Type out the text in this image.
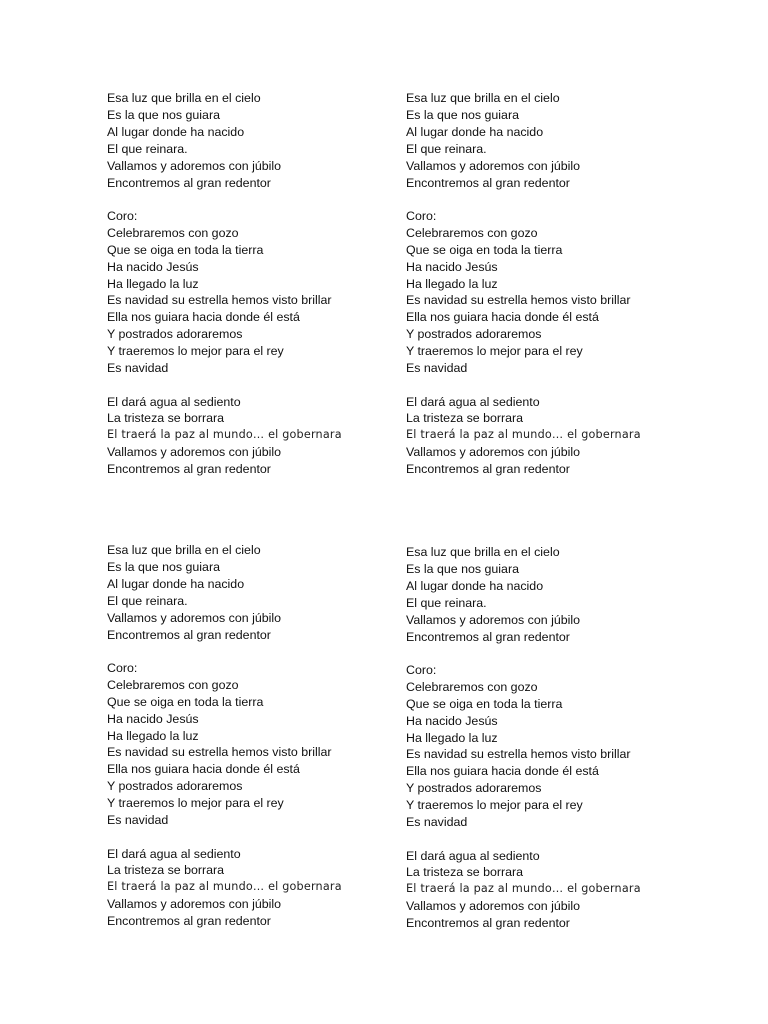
Esa luz que brilla en el cielo
Es la que nos guiara
Al lugar donde ha nacido
El que reinara.
Vallamos y adoremos con júbilo
Encontremos al gran redentor
Coro:
Celebraremos con gozo
Que se oiga en toda la tierra
Ha nacido Jesús
Ha llegado la luz
Es navidad su estrella hemos visto brillar
Ella nos guiara hacia donde él está
Y postrados adoraremos
Y traeremos lo mejor para el rey
Es navidad
El dará agua al sediento
La tristeza se borrara
El traerá la paz al mundo… el gobernara
Vallamos y adoremos con júbilo
Encontremos al gran redentor
Esa luz que brilla en el cielo
Es la que nos guiara
Al lugar donde ha nacido
El que reinara.
Vallamos y adoremos con júbilo
Encontremos al gran redentor
Coro:
Celebraremos con gozo
Que se oiga en toda la tierra
Ha nacido Jesús
Ha llegado la luz
Es navidad su estrella hemos visto brillar
Ella nos guiara hacia donde él está
Y postrados adoraremos
Y traeremos lo mejor para el rey
Es navidad
El dará agua al sediento
La tristeza se borrara
El traerá la paz al mundo… el gobernara
Vallamos y adoremos con júbilo
Encontremos al gran redentor
Esa luz que brilla en el cielo
Es la que nos guiara
Al lugar donde ha nacido
El que reinara.
Vallamos y adoremos con júbilo
Encontremos al gran redentor
Coro:
Celebraremos con gozo
Que se oiga en toda la tierra
Ha nacido Jesús
Ha llegado la luz
Es navidad su estrella hemos visto brillar
Ella nos guiara hacia donde él está
Y postrados adoraremos
Y traeremos lo mejor para el rey
Es navidad
El dará agua al sediento
La tristeza se borrara
El traerá la paz al mundo… el gobernara
Vallamos y adoremos con júbilo
Encontremos al gran redentor
Esa luz que brilla en el cielo
Es la que nos guiara
Al lugar donde ha nacido
El que reinara.
Vallamos y adoremos con júbilo
Encontremos al gran redentor
Coro:
Celebraremos con gozo
Que se oiga en toda la tierra
Ha nacido Jesús
Ha llegado la luz
Es navidad su estrella hemos visto brillar
Ella nos guiara hacia donde él está
Y postrados adoraremos
Y traeremos lo mejor para el rey
Es navidad
El dará agua al sediento
La tristeza se borrara
El traerá la paz al mundo… el gobernara
Vallamos y adoremos con júbilo
Encontremos al gran redentor
